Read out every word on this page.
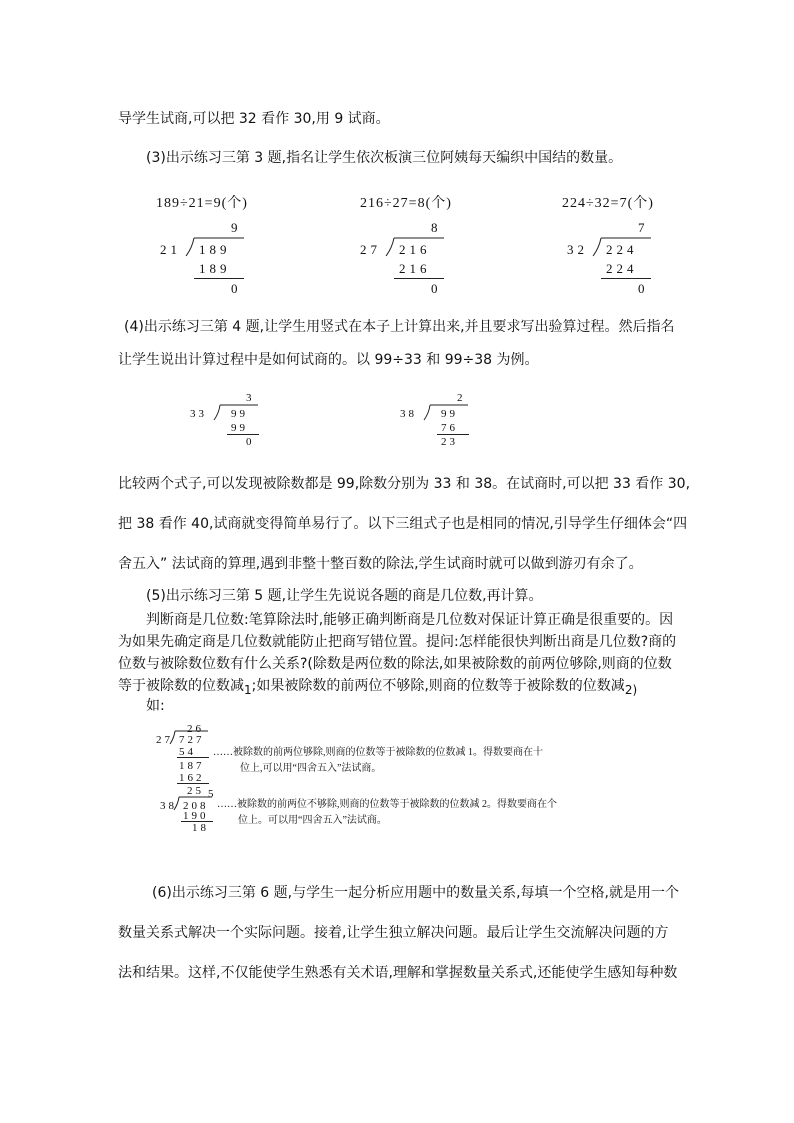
导学生试商,可以把 32 看作 30,用 9 试商。
(3)出示练习三第 3 题,指名让学生依次板演三位阿姨每天编织中国结的数量。
189÷21=9(个)	216÷27=8(个)	224÷32=7(个)
9
21 189
189
0
8
27 216
216
0
7
32 224
224
0
(4)出示练习三第 4 题,让学生用竖式在本子上计算出来,并且要求写出验算过程。然后指名
让学生说出计算过程中是如何试商的。以 99÷33 和 99÷38 为例。
3
33 99
99
0
2
38 99
76
23
比较两个式子,可以发现被除数都是 99,除数分别为 33 和 38。在试商时,可以把 33 看作 30,
把 38 看作 40,试商就变得简单易行了。以下三组式子也是相同的情况,引导学生仔细体会“四
舍五入” 法试商的算理,遇到非整十整百数的除法,学生试商时就可以做到游刃有余了。
(5)出示练习三第 5 题,让学生先说说各题的商是几位数,再计算。
判断商是几位数:笔算除法时,能够正确判断商是几位数对保证计算正确是很重要的。因
为如果先确定商是几位数就能防止把商写错位置。提问:怎样能很快判断出商是几位数?商的
位数与被除数位数有什么关系?(除数是两位数的除法,如果被除数的前两位够除,则商的位数
等于被除数的位数减1;如果被除数的前两位不够除,则商的位数等于被除数的位数减2)
如:
26
27 727
54
187
162
25
……被除数的前两位够除,则商的位数等于被除数的位数减 1。得数要商在十
位上,可以用“四舍五入”法试商。
5
38 208
190
18
……被除数的前两位不够除,则商的位数等于被除数的位数减 2。得数要商在个
位上。可以用“四舍五入”法试商。
(6)出示练习三第 6 题,与学生一起分析应用题中的数量关系,每填一个空格,就是用一个
数量关系式解决一个实际问题。接着,让学生独立解决问题。最后让学生交流解决问题的方
法和结果。这样,不仅能使学生熟悉有关术语,理解和掌握数量关系式,还能使学生感知每种数
